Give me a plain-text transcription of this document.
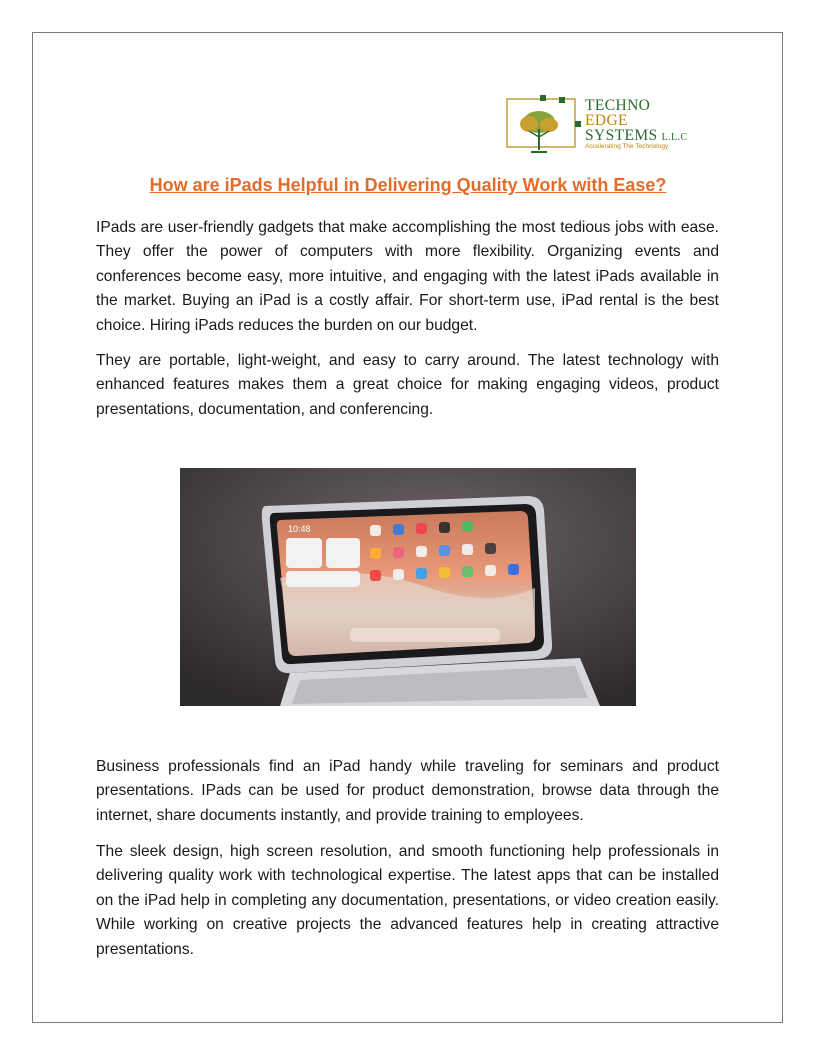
TECHNO
EDGE
SYSTEMS L.L.C
Accelerating The Technology
How are iPads Helpful in Delivering Quality Work with Ease?

IPads are user-friendly gadgets that make accomplishing the most tedious jobs with ease. They offer the power of computers with more flexibility. Organizing events and conferences become easy, more intuitive, and engaging with the latest iPads available in the market. Buying an iPad is a costly affair. For short-term use, iPad rental is the best choice. Hiring iPads reduces the burden on our budget.

They are portable, light-weight, and easy to carry around. The latest technology with enhanced features makes them a great choice for making engaging videos, product presentations, documentation, and conferencing.

10:48

Business professionals find an iPad handy while traveling for seminars and product presentations. IPads can be used for product demonstration, browse data through the internet, share documents instantly, and provide training to employees.

The sleek design, high screen resolution, and smooth functioning help professionals in delivering quality work with technological expertise. The latest apps that can be installed on the iPad help in completing any documentation, presentations, or video creation easily. While working on creative projects the advanced features help in creating attractive presentations.
